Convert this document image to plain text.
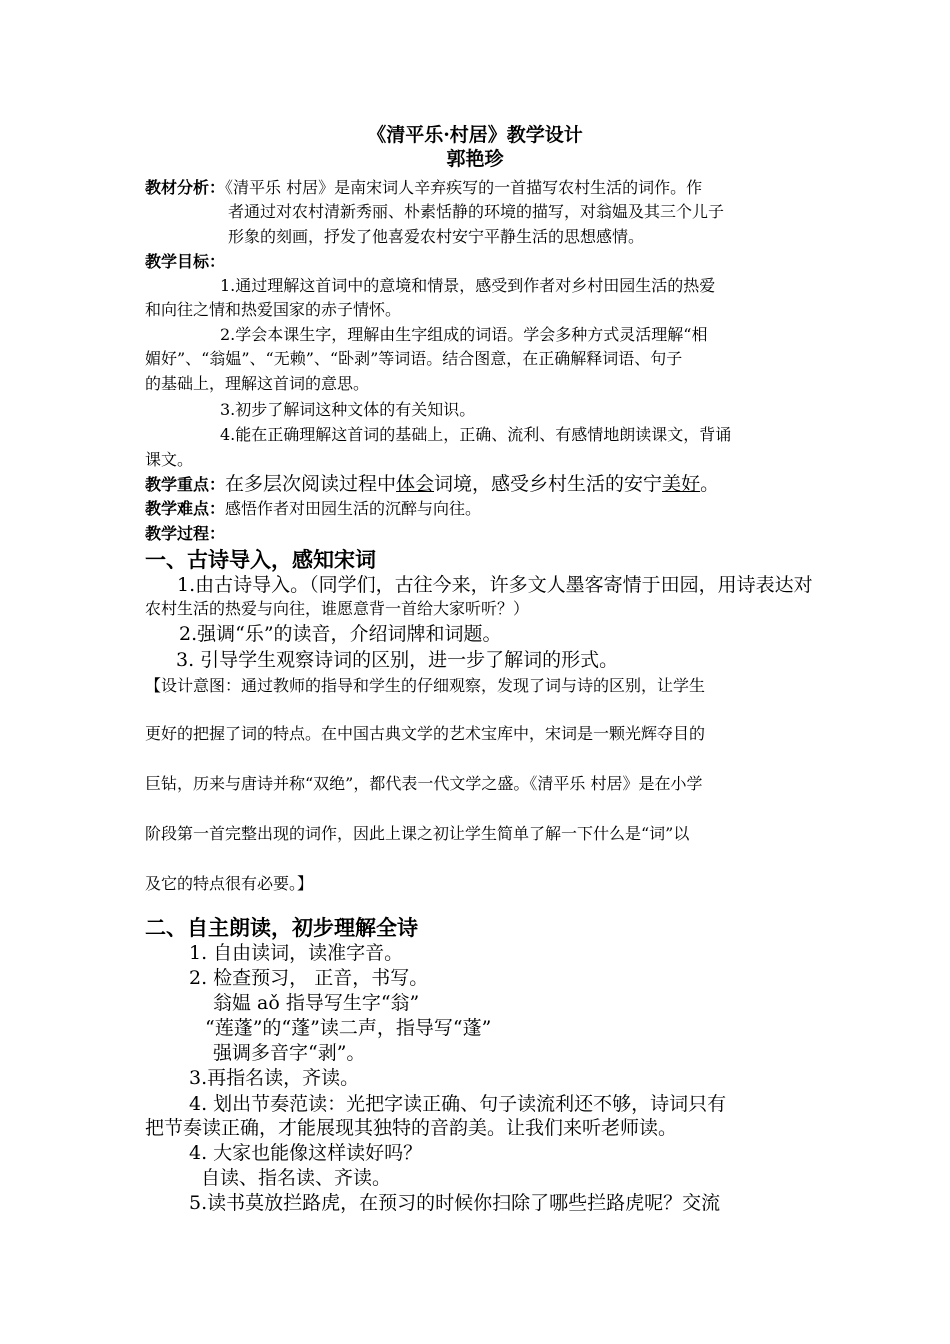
《清平乐·村居》教学设计
郭艳珍
教材分析：《清平乐 村居》是南宋词人辛弃疾写的一首描写农村生活的词作。作
者通过对农村清新秀丽、朴素恬静的环境的描写，对翁媪及其三个儿子
形象的刻画，抒发了他喜爱农村安宁平静生活的思想感情。
教学目标：
1.通过理解这首词中的意境和情景，感受到作者对乡村田园生活的热爱
和向往之情和热爱国家的赤子情怀。
2.学会本课生字，理解由生字组成的词语。学会多种方式灵活理解“相
媚好”、“翁媪”、“无赖”、“卧剥”等词语。结合图意，在正确解释词语、句子
的基础上，理解这首词的意思。
3.初步了解词这种文体的有关知识。
4.能在正确理解这首词的基础上，正确、流利、有感情地朗读课文，背诵
课文。
教学重点：在多层次阅读过程中体会词境，感受乡村生活的安宁美好。
教学难点：感悟作者对田园生活的沉醉与向往。
教学过程：
一、古诗导入，感知宋词
1.由古诗导入。（同学们，古往今来，许多文人墨客寄情于田园，用诗表达对
农村生活的热爱与向往，谁愿意背一首给大家听听？）
2.强调“乐”的读音，介绍词牌和词题。
3. 引导学生观察诗词的区别，进一步了解词的形式。
【设计意图：通过教师的指导和学生的仔细观察，发现了词与诗的区别，让学生
更好的把握了词的特点。在中国古典文学的艺术宝库中，宋词是一颗光辉夺目的
巨钻，历来与唐诗并称“双绝”，都代表一代文学之盛。《清平乐 村居》是在小学
阶段第一首完整出现的词作，因此上课之初让学生简单了解一下什么是“词”以
及它的特点很有必要。】
二、自主朗读，初步理解全诗
1. 自由读词，读准字音。
2. 检查预习， 正音，书写。
翁媪 aǒ 指导写生字“翁”
“莲蓬”的“蓬”读二声，指导写“蓬”
强调多音字“剥”。
3.再指名读，齐读。
4. 划出节奏范读：光把字读正确、句子读流利还不够，诗词只有
把节奏读正确，才能展现其独特的音韵美。让我们来听老师读。
4. 大家也能像这样读好吗？
自读、指名读、齐读。
5.读书莫放拦路虎，在预习的时候你扫除了哪些拦路虎呢？交流
